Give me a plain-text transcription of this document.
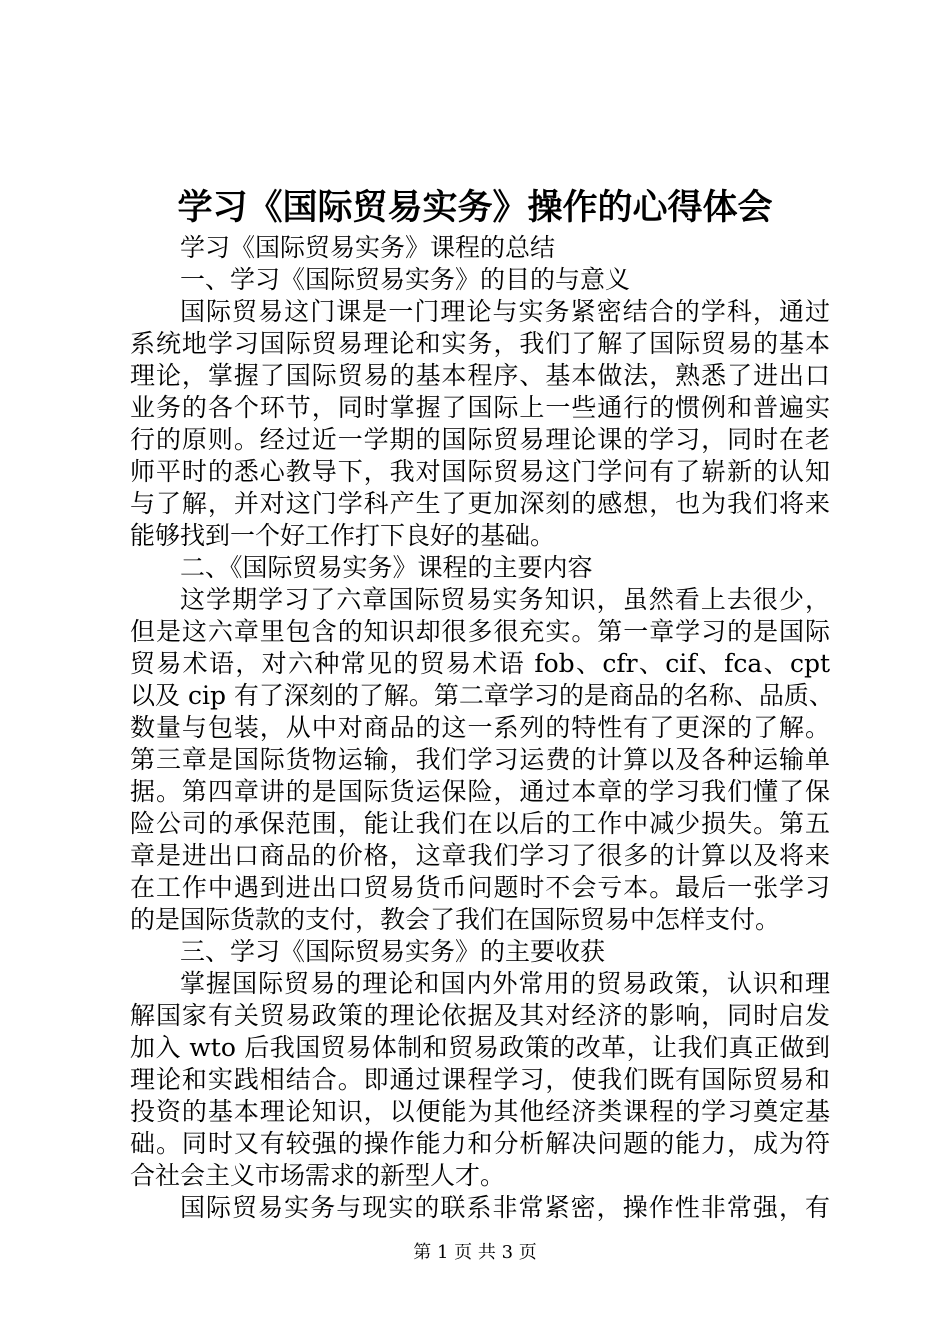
学习《国际贸易实务》操作的心得体会

学习《国际贸易实务》课程的总结

一、学习《国际贸易实务》的目的与意义

国际贸易这门课是一门理论与实务紧密结合的学科，通过

系统地学习国际贸易理论和实务，我们了解了国际贸易的基本

理论，掌握了国际贸易的基本程序、基本做法，熟悉了进出口

业务的各个环节，同时掌握了国际上一些通行的惯例和普遍实

行的原则。经过近一学期的国际贸易理论课的学习，同时在老

师平时的悉心教导下，我对国际贸易这门学问有了崭新的认知

与了解，并对这门学科产生了更加深刻的感想，也为我们将来

能够找到一个好工作打下良好的基础。

二、《国际贸易实务》课程的主要内容

这学期学习了六章国际贸易实务知识，虽然看上去很少，

但是这六章里包含的知识却很多很充实。第一章学习的是国际

贸易术语，对六种常见的贸易术语 fob、cfr、cif、fca、cpt

以及 cip 有了深刻的了解。第二章学习的是商品的名称、品质、

数量与包装，从中对商品的这一系列的特性有了更深的了解。

第三章是国际货物运输，我们学习运费的计算以及各种运输单

据。第四章讲的是国际货运保险，通过本章的学习我们懂了保

险公司的承保范围，能让我们在以后的工作中减少损失。第五

章是进出口商品的价格，这章我们学习了很多的计算以及将来

在工作中遇到进出口贸易货币问题时不会亏本。最后一张学习

的是国际货款的支付，教会了我们在国际贸易中怎样支付。

三、学习《国际贸易实务》的主要收获

掌握国际贸易的理论和国内外常用的贸易政策，认识和理

解国家有关贸易政策的理论依据及其对经济的影响，同时启发

加入 wto 后我国贸易体制和贸易政策的改革，让我们真正做到

理论和实践相结合。即通过课程学习，使我们既有国际贸易和

投资的基本理论知识，以便能为其他经济类课程的学习奠定基

础。同时又有较强的操作能力和分析解决问题的能力，成为符

合社会主义市场需求的新型人才。

国际贸易实务与现实的联系非常紧密，操作性非常强，有

第 1 页 共 3 页
